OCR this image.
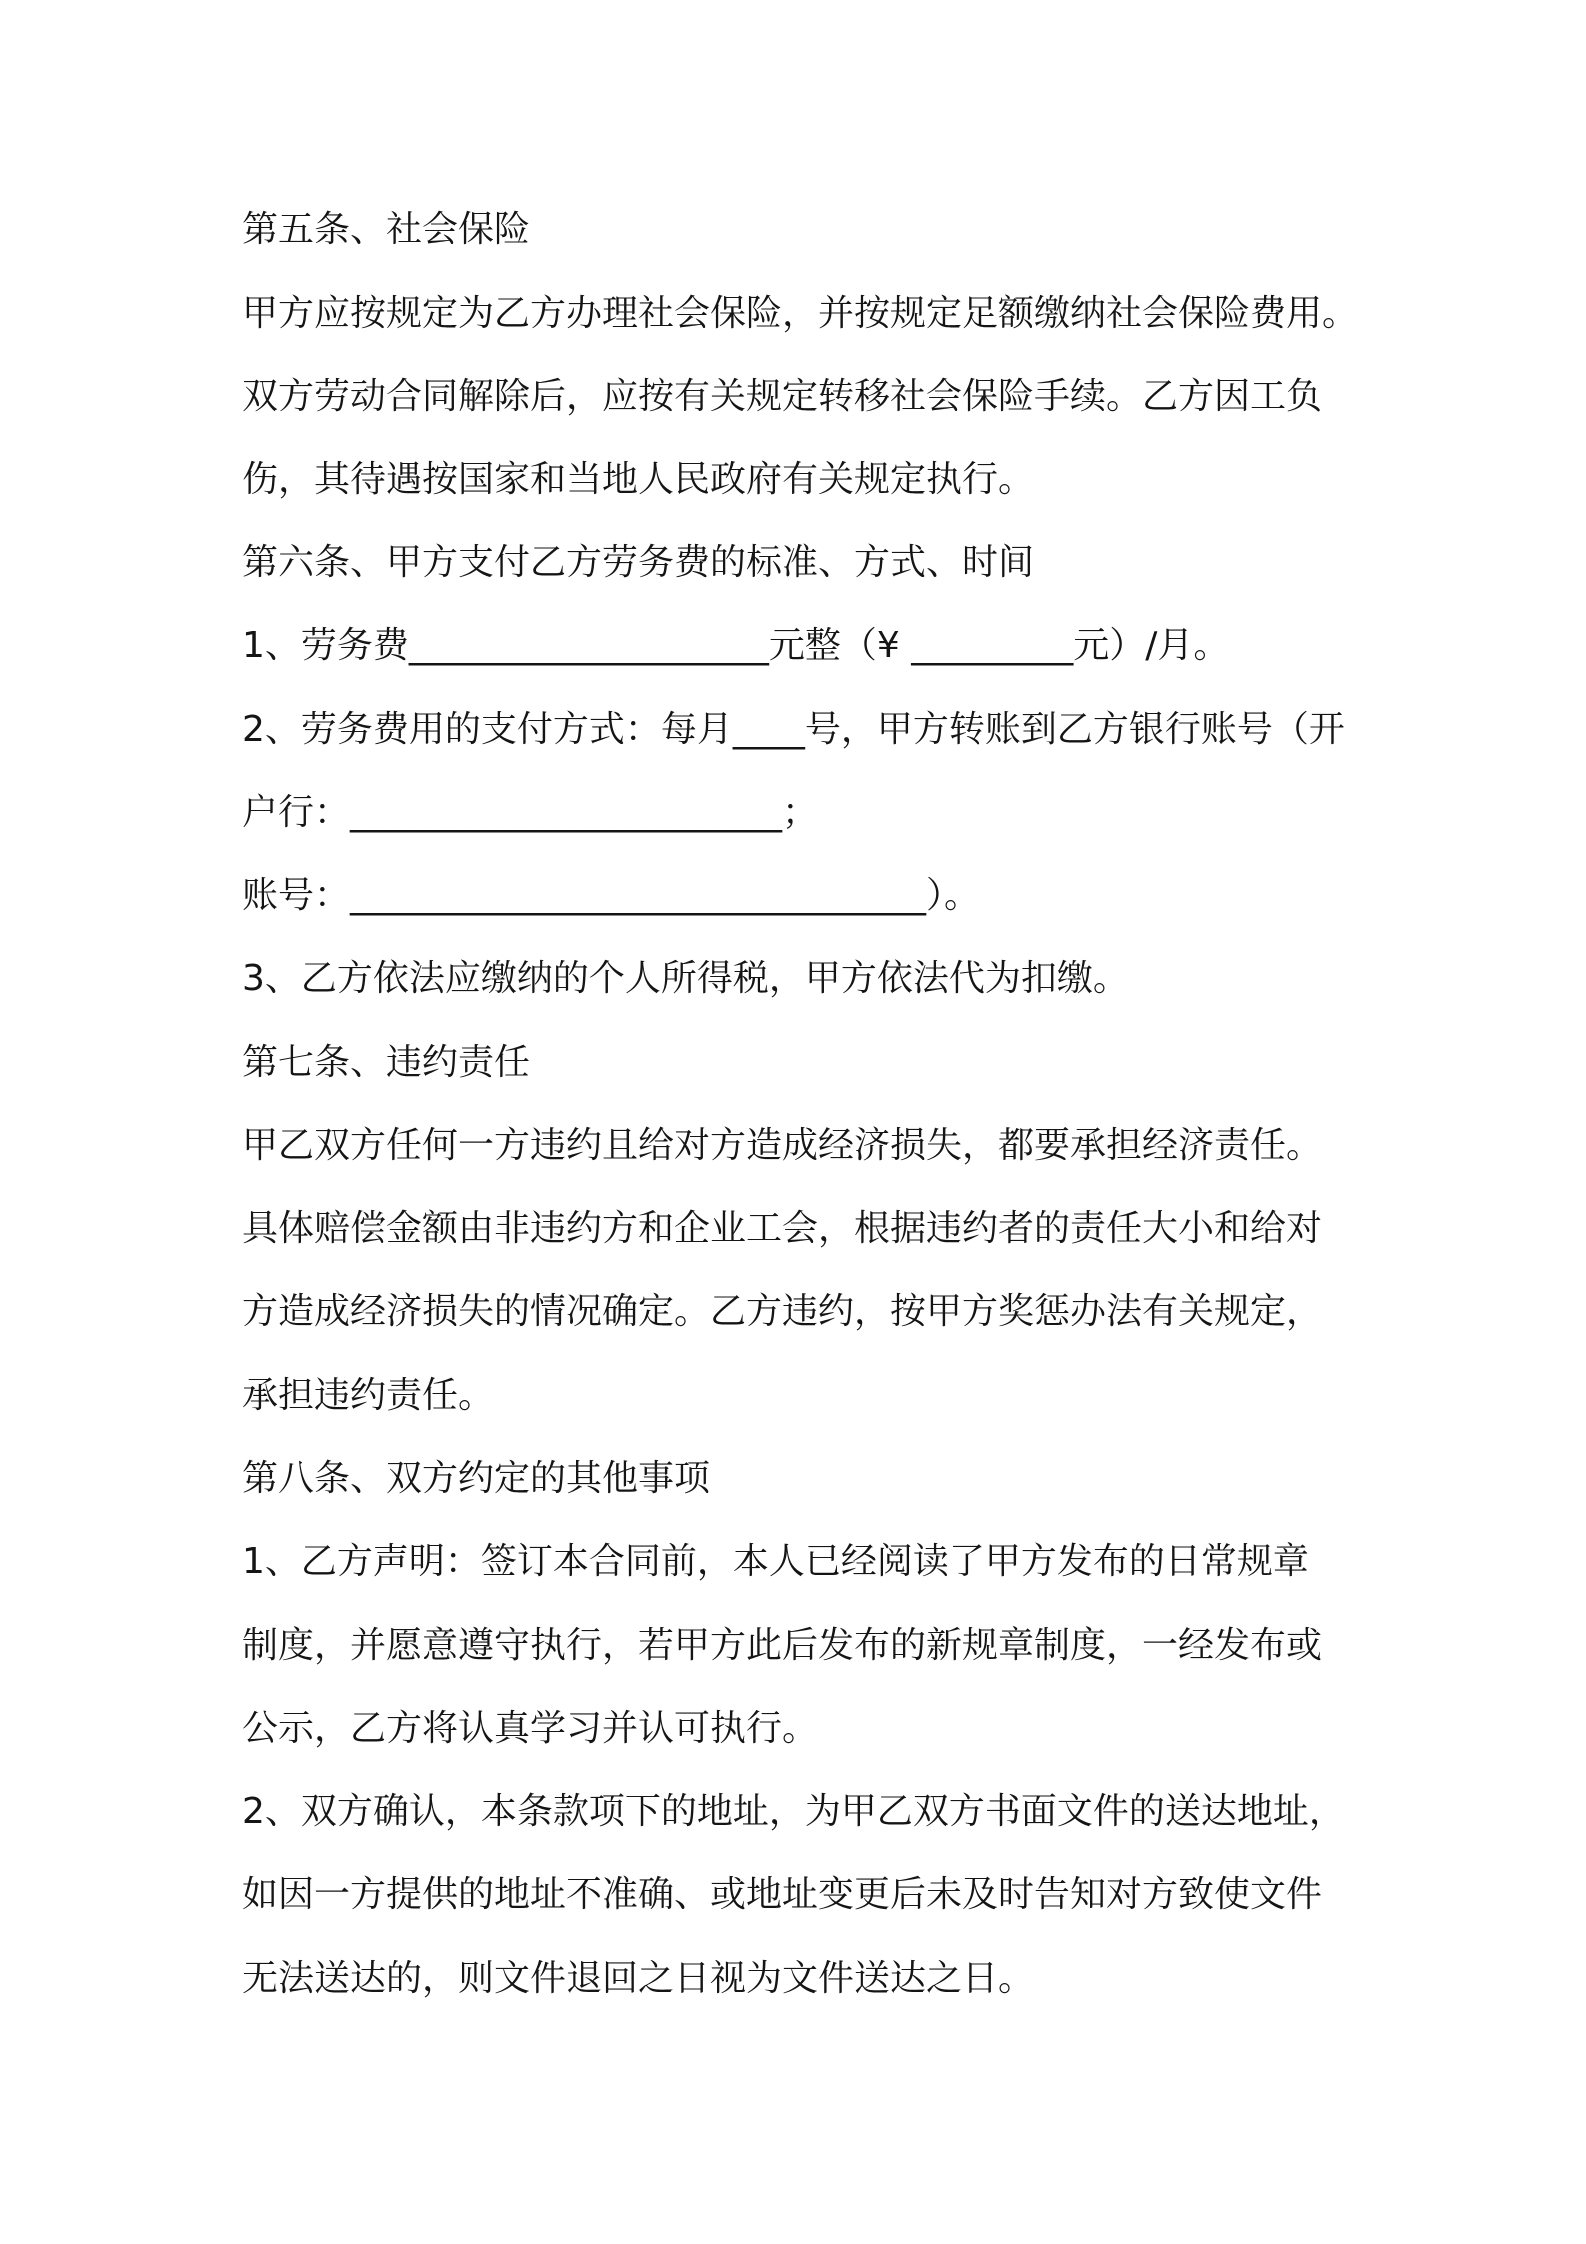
第五条、社会保险

甲方应按规定为乙方办理社会保险，并按规定足额缴纳社会保险费用。

双方劳动合同解除后，应按有关规定转移社会保险手续。乙方因工负

伤，其待遇按国家和当地人民政府有关规定执行。

第六条、甲方支付乙方劳务费的标准、方式、时间

1、劳务费____________________元整（¥ _________元）/月。

2、劳务费用的支付方式：每月____号，甲方转账到乙方银行账号（开

户行：________________________；

账号：________________________________）。

3、乙方依法应缴纳的个人所得税，甲方依法代为扣缴。

第七条、违约责任

甲乙双方任何一方违约且给对方造成经济损失，都要承担经济责任。

具体赔偿金额由非违约方和企业工会，根据违约者的责任大小和给对

方造成经济损失的情况确定。乙方违约，按甲方奖惩办法有关规定，

承担违约责任。

第八条、双方约定的其他事项

1、乙方声明：签订本合同前，本人已经阅读了甲方发布的日常规章

制度，并愿意遵守执行，若甲方此后发布的新规章制度，一经发布或

公示，乙方将认真学习并认可执行。

2、双方确认，本条款项下的地址，为甲乙双方书面文件的送达地址，

如因一方提供的地址不准确、或地址变更后未及时告知对方致使文件

无法送达的，则文件退回之日视为文件送达之日。
